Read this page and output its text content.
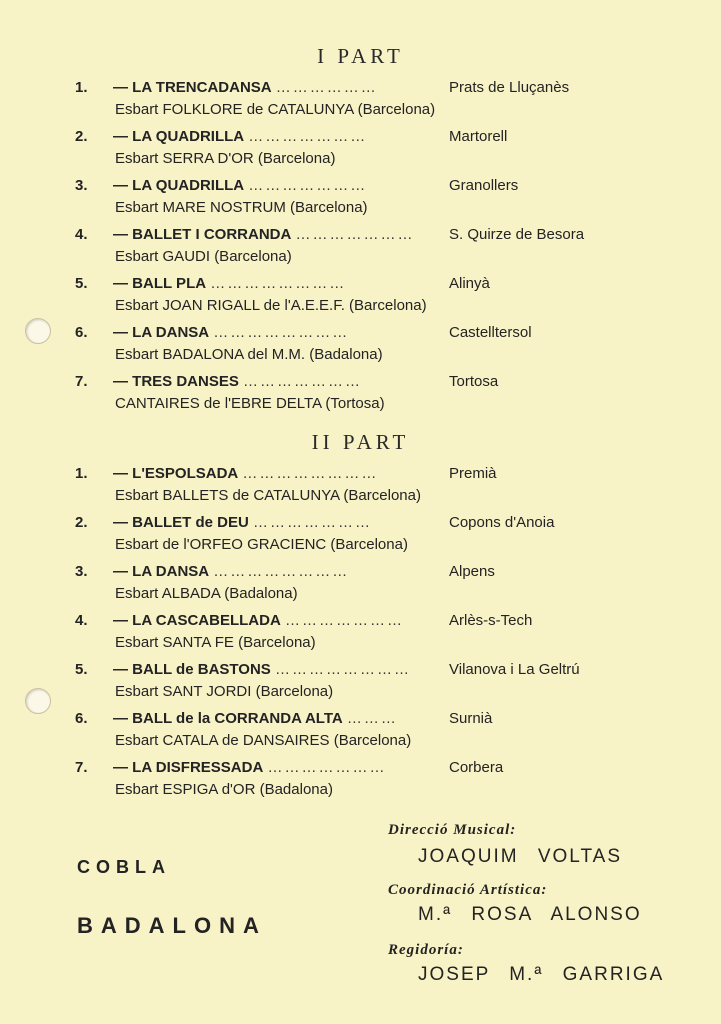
I PART
1. — LA TRENCADANSA ………………	Prats de Lluçanès
Esbart FOLKLORE de CATALUNYA (Barcelona)
2. — LA QUADRILLA …………………	Martorell
Esbart SERRA D'OR (Barcelona)
3. — LA QUADRILLA …………………	Granollers
Esbart MARE NOSTRUM (Barcelona)
4. — BALLET I CORRANDA ………………… S. Quirze de Besora
Esbart GAUDI (Barcelona)
5. — BALL PLA ……………………	Alinyà
Esbart JOAN RIGALL de l'A.E.E.F. (Barcelona)
6. — LA DANSA ……………………	Castelltersol
Esbart BADALONA del M.M. (Badalona)
7. — TRES DANSES …………………	Tortosa
CANTAIRES de l'EBRE DELTA (Tortosa)
II PART
1. — L'ESPOLSADA ……………………	Premià
Esbart BALLETS de CATALUNYA (Barcelona)
2. — BALLET de DEU …………………	Copons d'Anoia
Esbart de l'ORFEO GRACIENC (Barcelona)
3. — LA DANSA ……………………	Alpens
Esbart ALBADA (Badalona)
4. — LA CASCABELLADA …………………	Arlès-s-Tech
Esbart SANTA FE (Barcelona)
5. — BALL de BASTONS ……………………	Vilanova i La Geltrú
Esbart SANT JORDI (Barcelona)
6. — BALL de la CORRANDA ALTA ………	Surnià
Esbart CATALA de DANSAIRES (Barcelona)
7. — LA DISFRESSADA …………………	Corbera
Esbart ESPIGA d'OR (Badalona)
COBLA
BADALONA
Direcció Musical:
JOAQUIM VOLTAS
Coordinació Artística:
M.ª ROSA ALONSO
Regidoría:
JOSEP M.ª GARRIGA
